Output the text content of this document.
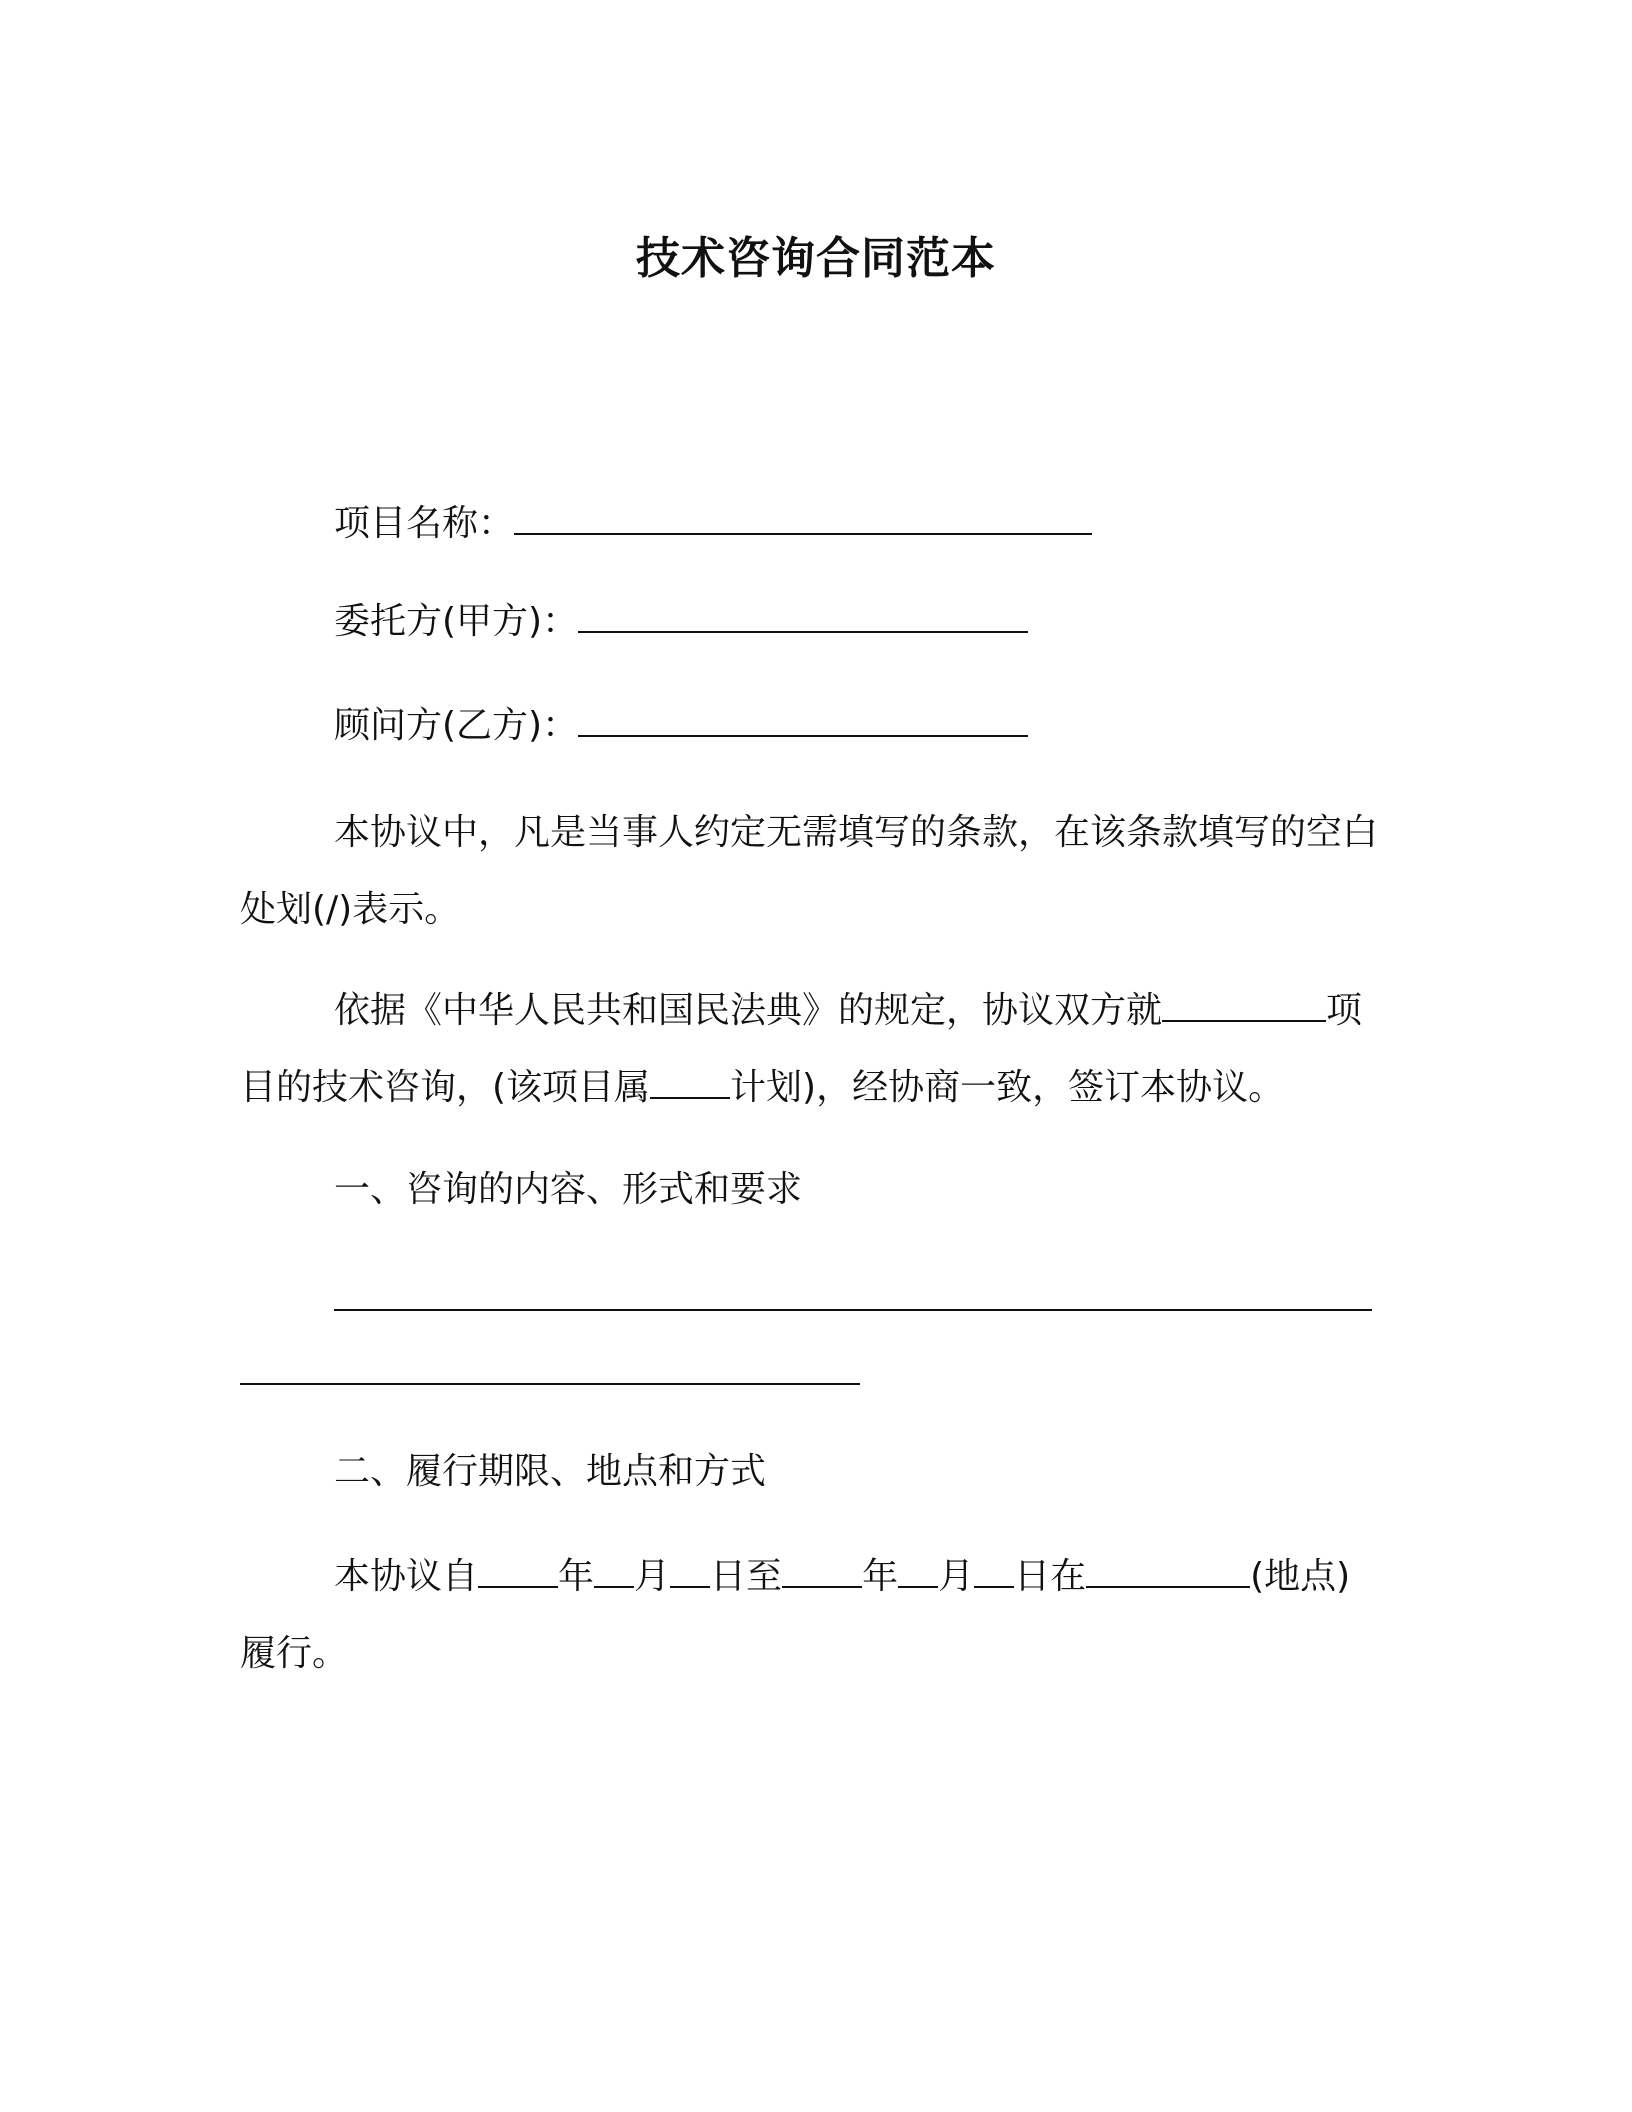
技术咨询合同范本

项目名称：

委托方(甲方)：

顾问方(乙方)：

本协议中，凡是当事人约定无需填写的条款，在该条款填写的空白处划(/)表示。

依据《中华人民共和国民法典》的规定，协议双方就	项目的技术咨询，(该项目属 计划)，经协商一致，签订本协议。

一、咨询的内容、形式和要求

二、履行期限、地点和方式

本协议自 年 月 日至 年 月 日在	(地点)履行。
